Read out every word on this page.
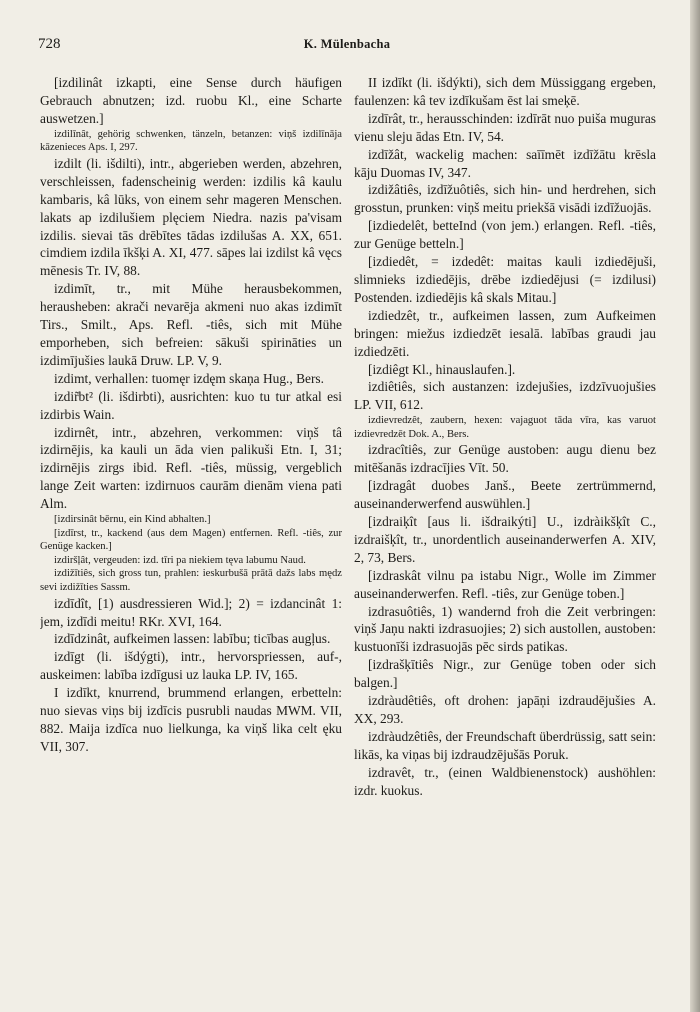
728	K. Mülenbacha

[izdilinât izkapti, eine Sense durch häufigen Gebrauch abnutzen; izd. ruobu Kl., eine Scharte auswetzen.]

izdilīnât, gehörig schwenken, tänzeln, betanzen: viņš izdilīnāja kāzenieces Aps. I, 297.

izdilt (li. išdilti), intr., abgerieben werden, abzehren, verschleissen, fadenscheinig werden: izdilis kâ kaulu kambaris, kâ lūks, von einem sehr mageren Menschen. lakats ap izdilušiem plęciem Niedra. nazis pa'visam izdilis. sievai tās drēbītes tādas izdilušas A. XX, 651. cimdiem izdila īkšķi A. XI, 477. sāpes lai izdilst kâ vęcs mēnesis Tr. IV, 88.

izdimīt, tr., mit Mühe herausbekommen, herausheben: akrači nevarēja akmeni nuo akas izdimīt Tirs., Smilt., Aps. Refl. -tiês, sich mit Mühe emporheben, sich befreien: sākuši spirināties un izdimījušies laukā Druw. LP. V, 9.

izdimt, verhallen: tuomęr izdęm skaņa Hug., Bers.

izdir̃bt² (li. išdirbti), ausrichten: kuo tu tur atkal esi izdirbis Wain.

izdirnêt, intr., abzehren, verkommen: viņš tâ izdirnējis, ka kauli un āda vien palikuši Etn. I, 31; izdirnējis zirgs ibid. Refl. -tiês, müssig, vergeblich lange Zeit warten: izdirnuos caurām dienām viena pati Alm.

[izdirsinât bērnu, ein Kind abhalten.]

[izdīrst, tr., kackend (aus dem Magen) entfernen. Refl. -tiês, zur Genüge kacken.]

izdiršļât, vergeuden: izd. tīri pa niekiem tęva labumu Naud.

izdižītiês, sich gross tun, prahlen: ieskurbušā prātā dažs labs mędz sevi izdižīties Sassm.

izdīdît, [1) ausdressieren Wid.]; 2) = izdancinât 1: jem, izdīdi meitu! RKr. XVI, 164.

izdīdzinât, aufkeimen lassen: labību; ticības augļus.

izdīgt (li. išdýgti), intr., hervorspriessen, auf-, auskeimen: labība izdīgusi uz lauka LP. IV, 165.

I izdīkt, knurrend, brummend erlangen, erbetteln: nuo sievas viņs bij izdīcis pusrubli naudas MWM. VII, 882. Maija izdīca nuo lielkunga, ka viņš lika celt ęku VII, 307.

II izdīkt (li. išdýkti), sich dem Müssiggang ergeben, faulenzen: kâ tev izdīkušam ēst lai smeķē.

izdīrât, tr., herausschinden: izdīrāt nuo puiša muguras vienu sleju ādas Etn. IV, 54.

izdīžât, wackelig machen: saīīmēt izdīžātu krēsla kāju Duomas IV, 347.

izdižâtiês, izdīžuôtiês, sich hin- und herdrehen, sich grosstun, prunken: viņš meitu priekšā visādi izdīžuojās.

[izdiedelêt, betteInd (von jem.) erlangen. Refl. -tiês, zur Genüge betteln.]

[izdiedêt, = izdedêt: maitas kauli izdiedējuši, slimnieks izdiedējis, drēbe izdiedējusi (= izdilusi) Postenden. izdiedējis kâ skals Mitau.]

izdiedzêt, tr., aufkeimen lassen, zum Aufkeimen bringen: miežus izdiedzēt iesalā. labības graudi jau izdiedzēti.

[izdiêgt Kl., hinauslaufen.].

izdiêtiês, sich austanzen: izdejušies, izdzīvuojušies LP. VII, 612.

izdievredzêt, zaubern, hexen: vajaguot tāda vīra, kas varuot izdievredzēt Dok. A., Bers.

izdracîtiês, zur Genüge austoben: augu dienu bez mitēšanās izdracījies Vīt. 50.

[izdragât duobes Janš., Beete zertrümmernd, auseinanderwerfend auswühlen.]

[izdraiķît [aus li. išdraikýti] U., izdràikšķît C., izdraišķît, tr., unordentlich auseinanderwerfen A. XIV, 2, 73, Bers.

[izdraskât vilnu pa istabu Nigr., Wolle im Zimmer auseinanderwerfen. Refl. -tiês, zur Genüge toben.]

izdrasuôtiês, 1) wandernd froh die Zeit verbringen: viņš Jaņu nakti izdrasuojies; 2) sich austollen, austoben: kustuonīši izdrasuojās pēc sirds patikas.

[izdrašķītiês Nigr., zur Genüge toben oder sich balgen.]

izdràudêtiês, oft drohen: japāņi izdraudējušies A. XX, 293.

izdràudzêtiês, der Freundschaft überdrüssig, satt sein: likās, ka viņas bij izdraudzējušās Poruk.

izdravêt, tr., (einen Waldbienenstock) aushöhlen: izdr. kuokus.
